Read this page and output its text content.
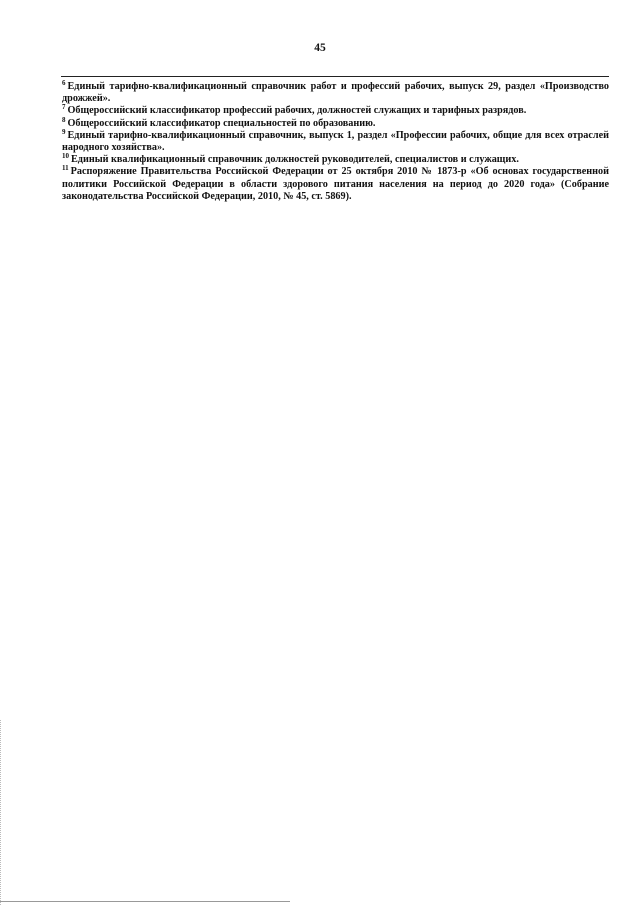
45

$^6$ Единый тарифно-квалификационный справочник работ и профессий рабочих, выпуск 29, раздел «Производство дрожжей».

$^7$ Общероссийский классификатор профессий рабочих, должностей служащих и тарифных разрядов.

$^8$ Общероссийский классификатор специальностей по образованию.

$^9$ Единый тарифно-квалификационный справочник, выпуск 1, раздел «Профессии рабочих, общие для всех отраслей народного хозяйства».

$^{10}$ Единый квалификационный справочник должностей руководителей, специалистов и служащих.

$^{11}$ Распоряжение Правительства Российской Федерации от 25 октября 2010 № 1873-р «Об основах государственной политики Российской Федерации в области здорового питания населения на период до 2020 года» (Собрание законодательства Российской Федерации, 2010, № 45, ст. 5869).
